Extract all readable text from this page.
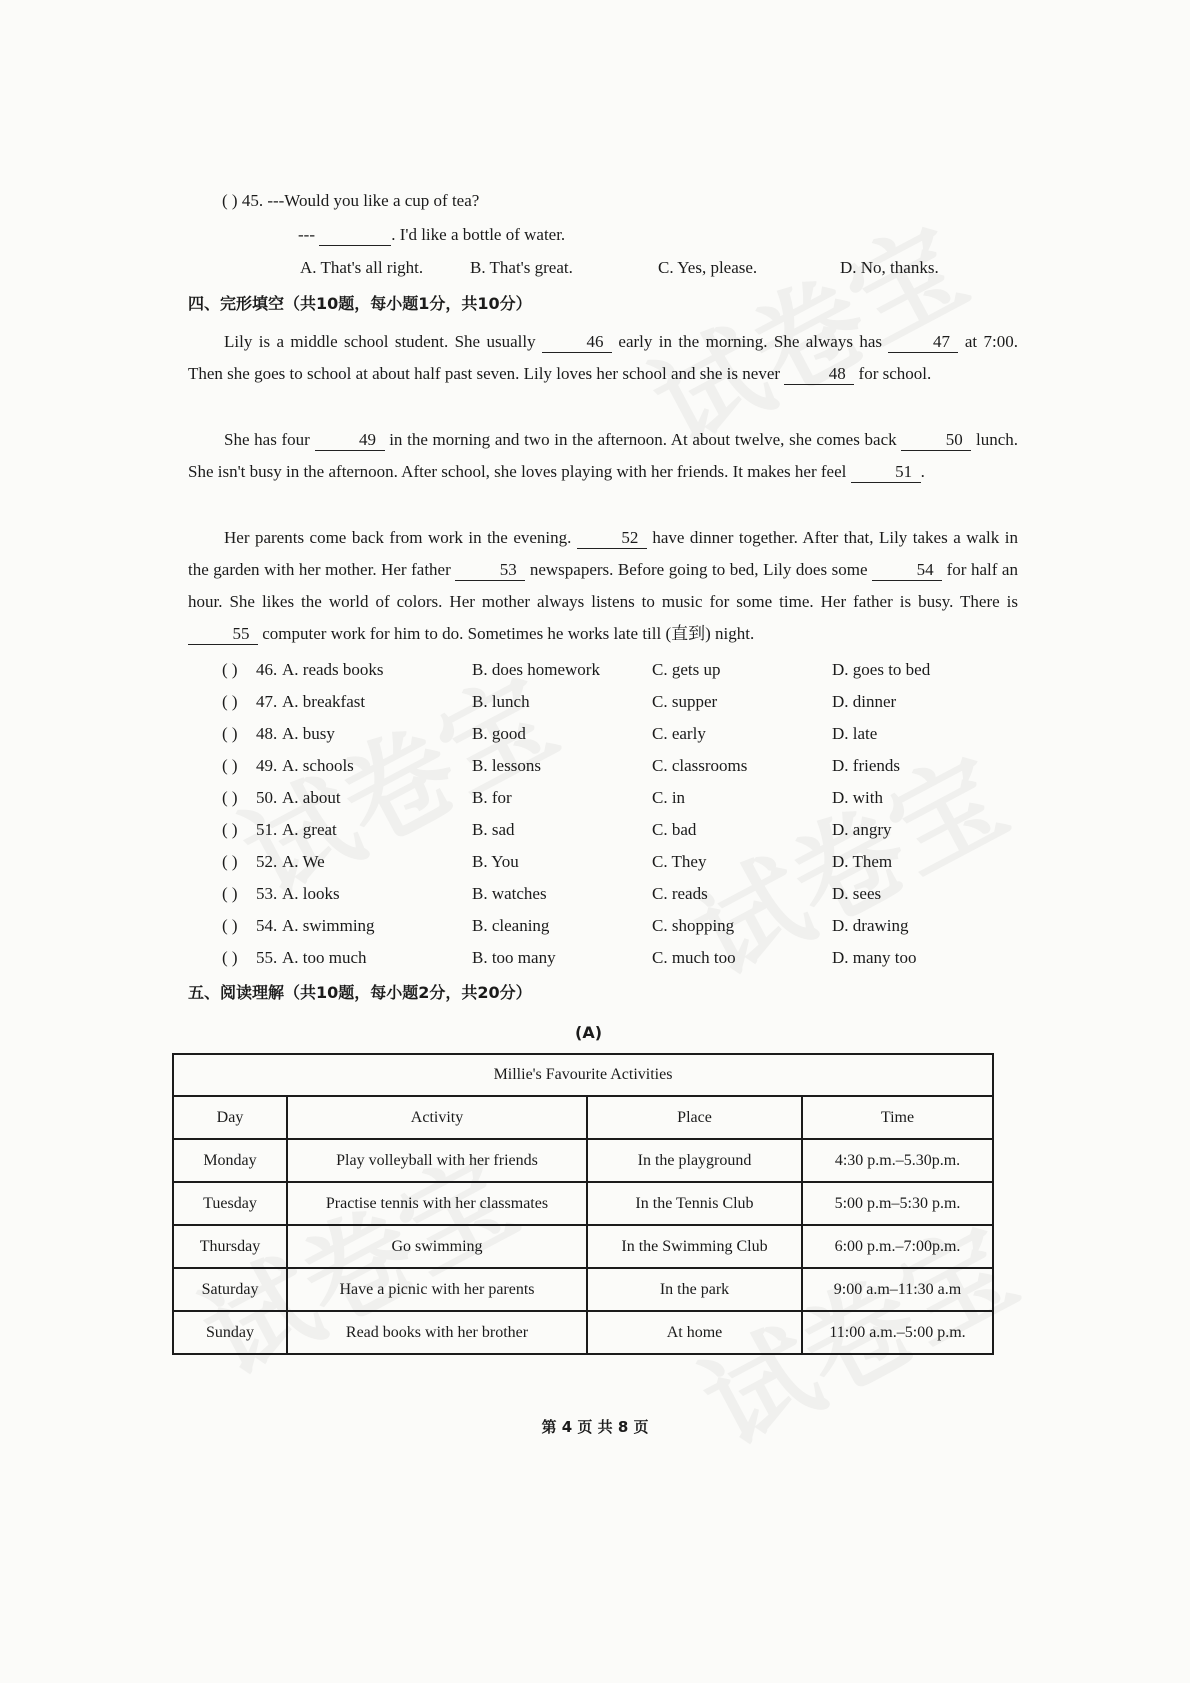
( ) 45. ---Would you like a cup of tea?
---	. I'd like a bottle of water.
A. That's all right.	B. That's great.	C. Yes, please.	D. No, thanks.
四、完形填空（共10题，每小题1分，共10分）
Lily is a middle school student. She usually	46 early in the morning. She always has	47 at 7:00. Then she goes to school at about half past seven. Lily loves her school and she is never	48 for school.
She has four	49 in the morning and two in the afternoon. At about twelve, she comes back	50 lunch. She isn't busy in the afternoon. After school, she loves playing with her friends. It makes her feel	51 .
Her parents come back from work in the evening.	52 have dinner together. After that, Lily takes a walk in the garden with her mother. Her father	53 newspapers. Before going to bed, Lily does some	54 for half an hour. She likes the world of colors. Her mother always listens to music for some time. Her father is busy. There is 55 computer work for him to do. Sometimes he works late till (直到) night.
( ) 46. A. reads books	B. does homework	C. gets up	D. goes to bed
( ) 47. A. breakfast	B. lunch	C. supper	D. dinner
( ) 48. A. busy	B. good	C. early	D. late
( ) 49. A. schools	B. lessons	C. classrooms	D. friends
( ) 50. A. about	B. for	C. in	D. with
( ) 51. A. great	B. sad	C. bad	D. angry
( ) 52. A. We	B. You	C. They	D. Them
( ) 53. A. looks	B. watches	C. reads	D. sees
( ) 54. A. swimming	B. cleaning	C. shopping	D. drawing
( ) 55. A. too much	B. too many	C. much too	D. many too
五、阅读理解（共10题，每小题2分，共20分）
(A)
Millie's Favourite Activities			
Day	Activity	Place	Time
Monday	Play volleyball with her friends	In the playground	4:30 p.m.–5.30p.m.
Tuesday	Practise tennis with her classmates	In the Tennis Club	5:00 p.m–5:30 p.m.
Thursday	Go swimming	In the Swimming Club	6:00 p.m.–7:00p.m.
Saturday	Have a picnic with her parents	In the park	9:00 a.m–11:30 a.m
Sunday	Read books with her brother	At home	11:00 a.m.–5:00 p.m.
第 4 页 共 8 页
